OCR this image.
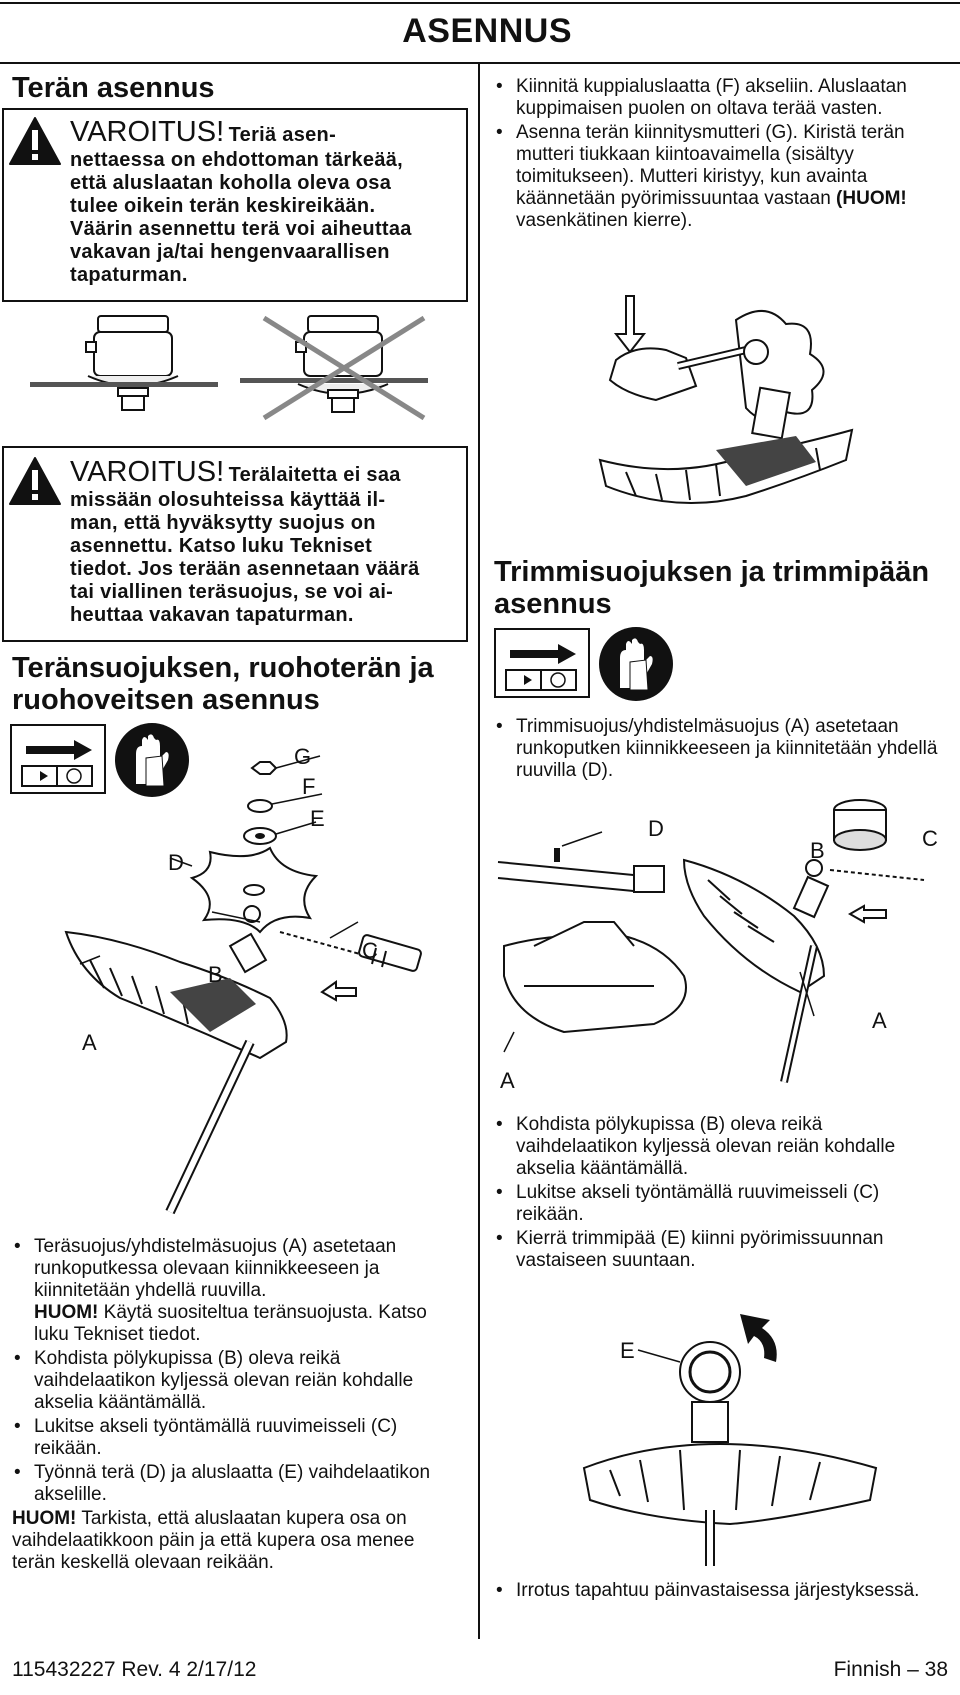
ASENNUS
Terän asennus
VAROITUS! Teriä asen-
nettaessa on ehdottoman tärkeää,
että aluslaatan koholla oleva osa
tulee oikein terän keskireikään.
Väärin asennettu terä voi aiheuttaa
vakavan ja/tai hengenvaarallisen
tapaturman.
VAROITUS! Terälaitetta ei saa
missään olosuhteissa käyttää il-
man, että hyväksytty suojus on
asennettu. Katso luku Tekniset
tiedot. Jos terään asennetaan väärä
tai viallinen teräsuojus, se voi ai-
heuttaa vakavan tapaturman.
Teränsuojuksen, ruohoterän ja
ruohoveitsen asennus
G
F
E
D
C
B
A
• Teräsuojus/yhdistelmäsuojus (A) asetetaan runkoputkessa olevaan kiinnikkeeseen ja kiinnitetään yhdellä ruuvilla.
HUOM! Käytä suositeltua teränsuojusta. Katso luku Tekniset tiedot.
• Kohdista pölykupissa (B) oleva reikä vaihdelaatikon kyljessä olevan reiän kohdalle akselia kääntämällä.
• Lukitse akseli työntämällä ruuvimeisseli (C) reikään.
• Työnnä terä (D) ja aluslaatta (E) vaihdelaatikon akselille.
HUOM! Tarkista, että aluslaatan kupera osa on vaihdelaatikkoon päin ja että kupera osa menee terän keskellä olevaan reikään.
• Kiinnitä kuppialuslaatta (F) akseliin. Aluslaatan kuppimaisen puolen on oltava terää vasten.
• Asenna terän kiinnitysmutteri (G). Kiristä terän mutteri tiukkaan kiintoavaimella (sisältyy toimitukseen). Mutteri kiristyy, kun avainta käännetään pyörimissuuntaa vastaan (HUOM! vasenkätinen kierre).
Trimmisuojuksen ja trimmipään
asennus
• Trimmisuojus/yhdistelmäsuojus (A) asetetaan runkoputken kiinnikkeeseen ja kiinnitetään yhdellä ruuvilla (D).
D
B	C
A
A
• Kohdista pölykupissa (B) oleva reikä vaihdelaatikon kyljessä olevan reiän kohdalle akselia kääntämällä.
• Lukitse akseli työntämällä ruuvimeisseli (C) reikään.
• Kierrä trimmipää (E) kiinni pyörimissuunnan vastaiseen suuntaan.
E
• Irrotus tapahtuu päinvastaisessa järjestyksessä.
115432227 Rev. 4 2/17/12	Finnish – 38
